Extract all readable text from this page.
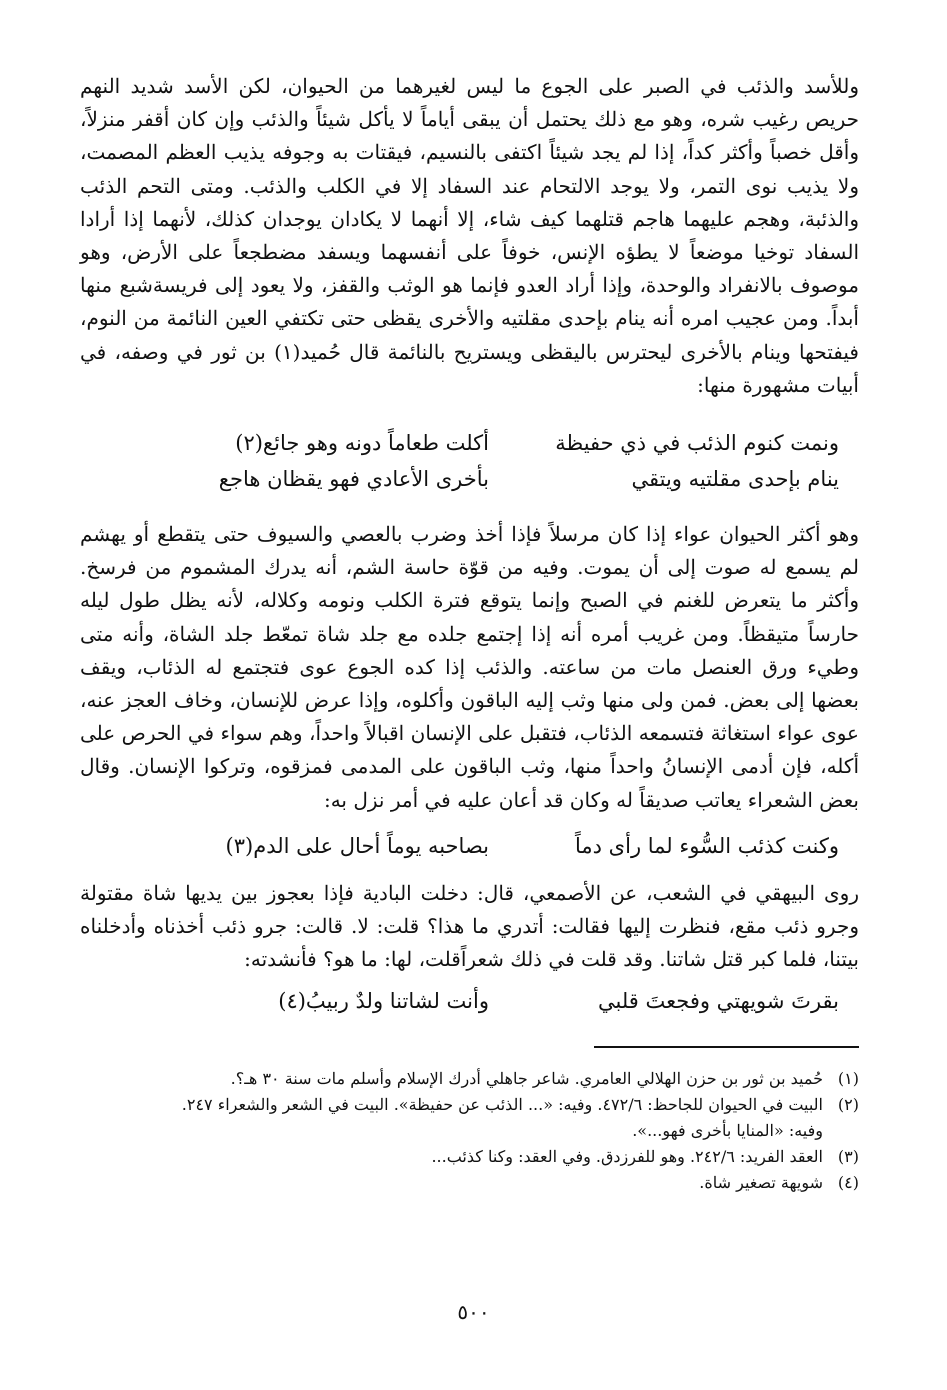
وللأسد والذئب في الصبر على الجوع ما ليس لغيرهما من الحيوان، لكن الأسد شديد النهم حريص رغيب شره، وهو مع ذلك يحتمل أن يبقى أياماً لا يأكل شيئاً والذئب وإن كان أقفر منزلاً، وأقل خصباً وأكثر كداً، إذا لم يجد شيئاً اكتفى بالنسيم، فيقتات به وجوفه يذيب العظم المصمت، ولا يذيب نوى التمر، ولا يوجد الالتحام عند السفاد إلا في الكلب والذئب. ومتى التحم الذئب والذئبة، وهجم عليهما هاجم قتلهما كيف شاء، إلا أنهما لا يكادان يوجدان كذلك، لأنهما إذا أرادا السفاد توخيا موضعاً لا يطؤه الإنس، خوفاً على أنفسهما ويسفد مضطجعاً على الأرض، وهو موصوف بالانفراد والوحدة، وإذا أراد العدو فإنما هو الوثب والقفز، ولا يعود إلى فريسةشبع منها أبداً. ومن عجيب امره أنه ينام بإحدى مقلتيه والأخرى يقظى حتى تكتفي العين النائمة من النوم، فيفتحها وينام بالأخرى ليحترس باليقظى ويستريح بالنائمة قال حُميد(١) بن ثور في وصفه، في أبيات مشهورة منها:

ونمت كنوم الذئب في ذي حفيظة
أكلت طعاماً دونه وهو جائع(٢)
ينام بإحدى مقلتيه ويتقي
بأخرى الأعادي فهو يقظان هاجع

وهو أكثر الحيوان عواء إذا كان مرسلاً فإذا أخذ وضرب بالعصي والسيوف حتى يتقطع أو يهشم لم يسمع له صوت إلى أن يموت. وفيه من قوّة حاسة الشم، أنه يدرك المشموم من فرسخ. وأكثر ما يتعرض للغنم في الصبح وإنما يتوقع فترة الكلب ونومه وكلاله، لأنه يظل طول ليله حارساً متيقظاً. ومن غريب أمره أنه إذا إجتمع جلده مع جلد شاة تمعّط جلد الشاة، وأنه متى وطيء ورق العنصل مات من ساعته. والذئب إذا كده الجوع عوى فتجتمع له الذئاب، ويقف بعضها إلى بعض. فمن ولى منها وثب إليه الباقون وأكلوه، وإذا عرض للإنسان، وخاف العجز عنه، عوى عواء استغاثة فتسمعه الذئاب، فتقبل على الإنسان اقبالاً واحداً، وهم سواء في الحرص على أكله، فإن أدمى الإنسانُ واحداً منها، وثب الباقون على المدمى فمزقوه، وتركوا الإنسان. وقال بعض الشعراء يعاتب صديقاً له وكان قد أعان عليه في أمر نزل به:

وكنت كذئب السُّوء لما رأى دماً
بصاحبه يوماً أحال على الدم(٣)

روى البيهقي في الشعب، عن الأصمعي، قال: دخلت البادية فإذا بعجوز بين يديها شاة مقتولة وجرو ذئب مقع، فنظرت إليها فقالت: أتدري ما هذا؟ قلت: لا. قالت: جرو ذئب أخذناه وأدخلناه بيتنا، فلما كبر قتل شاتنا. وقد قلت في ذلك شعراًقلت، لها: ما هو؟ فأنشدته:

بقرتَ شويهتي وفجعتَ قلبي
وأنت لشاتنا ولدٌ ربيبُ(٤)
(١)
حُميد بن ثور بن حزن الهلالي العامري. شاعر جاهلي أدرك الإسلام وأسلم مات سنة ٣٠ هـ؟.
(٢)
البيت في الحيوان للجاحظ: ٤٧٢/٦. وفيه: «... الذئب عن حفيظة». البيت في الشعر والشعراء ٢٤٧.
وفيه: «المنايا بأخرى فهو...».
(٣)
العقد الفريد: ٢٤٢/٦. وهو للفرزدق. وفي العقد: وكنا كذئب...
(٤)
شويهة تصغير شاة.
٥٠٠
